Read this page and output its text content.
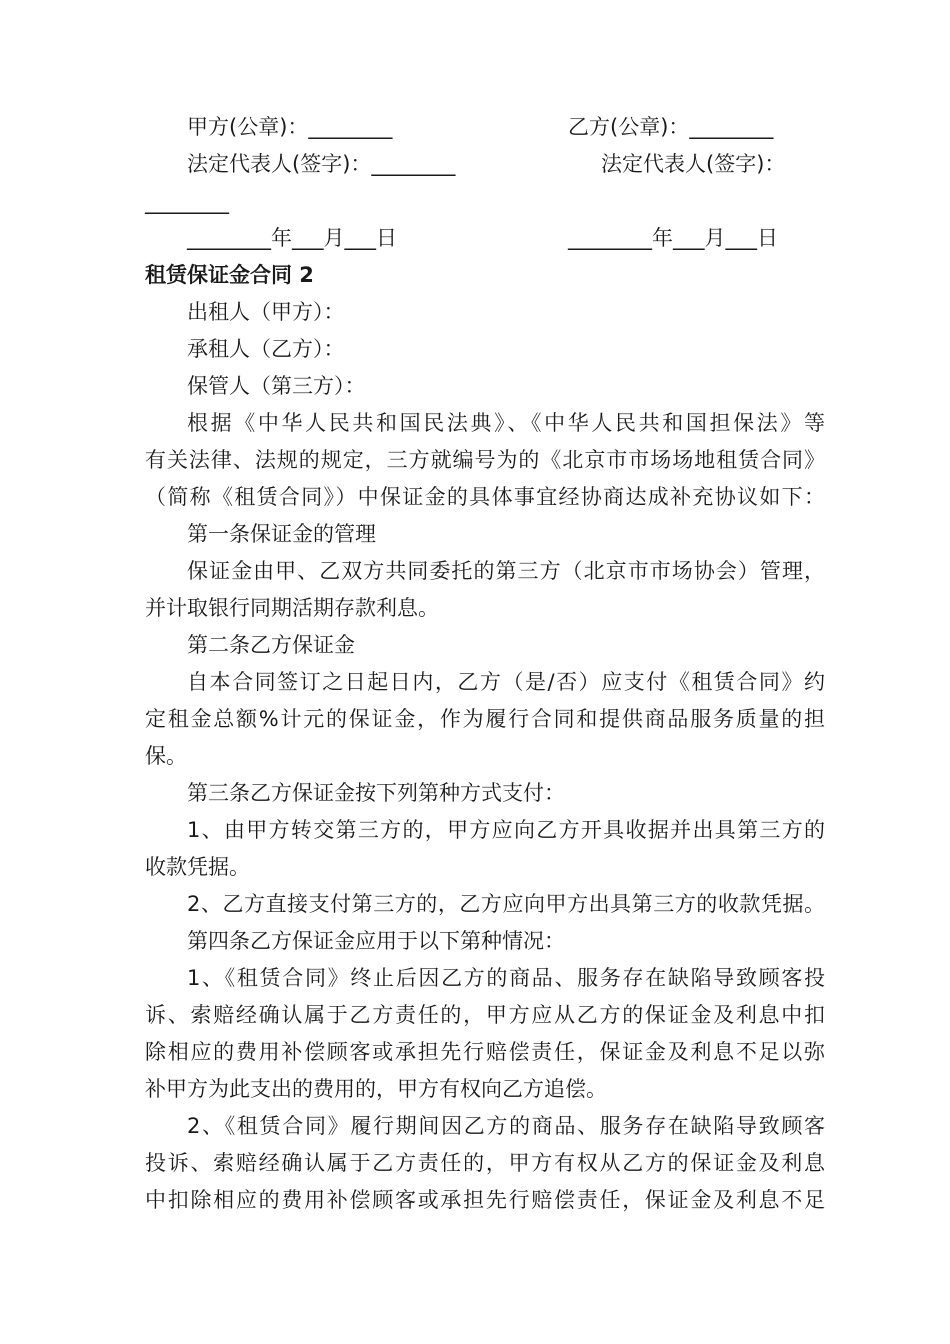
甲方(公章)：________	乙方(公章)：________
法定代表人(签字)：________	法定代表人(签字)：
________
________年___月___日	________年___月___日
租赁保证金合同 2
出租人（甲方）：
承租人（乙方）：
保管人（第三方）：
根据《中华人民共和国民法典》、《中华人民共和国担保法》等
有关法律、法规的规定，三方就编号为的《北京市市场场地租赁合同》
（简称《租赁合同》）中保证金的具体事宜经协商达成补充协议如下：
第一条保证金的管理
保证金由甲、乙双方共同委托的第三方（北京市市场协会）管理，
并计取银行同期活期存款利息。
第二条乙方保证金
自本合同签订之日起日内，乙方（是/否）应支付《租赁合同》约
定租金总额%计元的保证金，作为履行合同和提供商品服务质量的担
保。
第三条乙方保证金按下列第种方式支付：
1、由甲方转交第三方的，甲方应向乙方开具收据并出具第三方的
收款凭据。
2、乙方直接支付第三方的，乙方应向甲方出具第三方的收款凭据。
第四条乙方保证金应用于以下第种情况：
1、《租赁合同》终止后因乙方的商品、服务存在缺陷导致顾客投
诉、索赔经确认属于乙方责任的，甲方应从乙方的保证金及利息中扣
除相应的费用补偿顾客或承担先行赔偿责任，保证金及利息不足以弥
补甲方为此支出的费用的，甲方有权向乙方追偿。
2、《租赁合同》履行期间因乙方的商品、服务存在缺陷导致顾客
投诉、索赔经确认属于乙方责任的，甲方有权从乙方的保证金及利息
中扣除相应的费用补偿顾客或承担先行赔偿责任，保证金及利息不足
